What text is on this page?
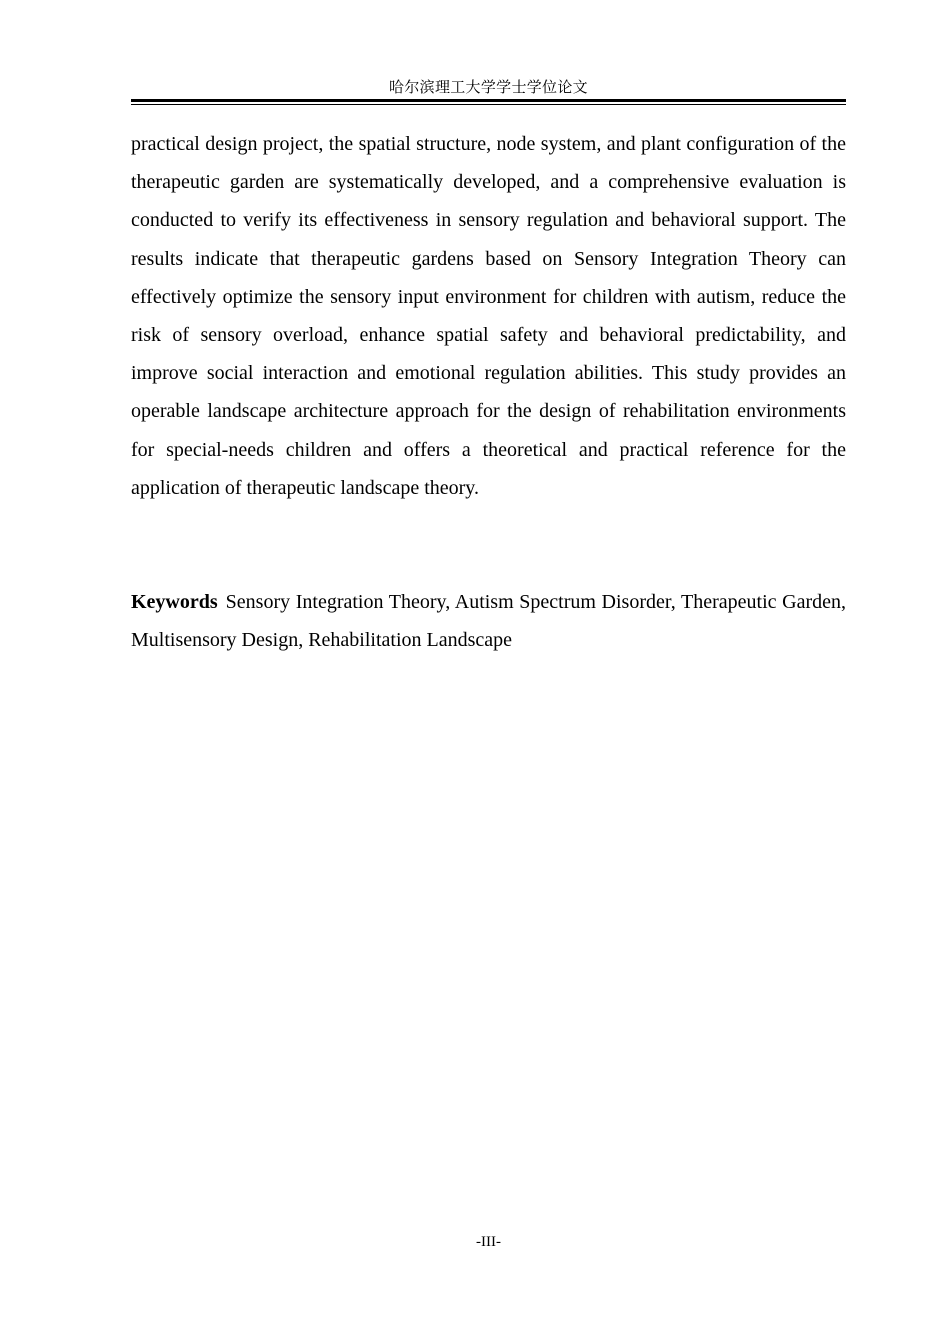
哈尔滨理工大学学士学位论文

practical design project, the spatial structure, node system, and plant configuration of the therapeutic garden are systematically developed, and a comprehensive evaluation is conducted to verify its effectiveness in sensory regulation and behavioral support. The results indicate that therapeutic gardens based on Sensory Integration Theory can effectively optimize the sensory input environment for children with autism, reduce the risk of sensory overload, enhance spatial safety and behavioral predictability, and improve social interaction and emotional regulation abilities. This study provides an operable landscape architecture approach for the design of rehabilitation environments for special-needs children and offers a theoretical and practical reference for the application of therapeutic landscape theory.

Keywords Sensory Integration Theory, Autism Spectrum Disorder, Therapeutic Garden, Multisensory Design, Rehabilitation Landscape

-III-
